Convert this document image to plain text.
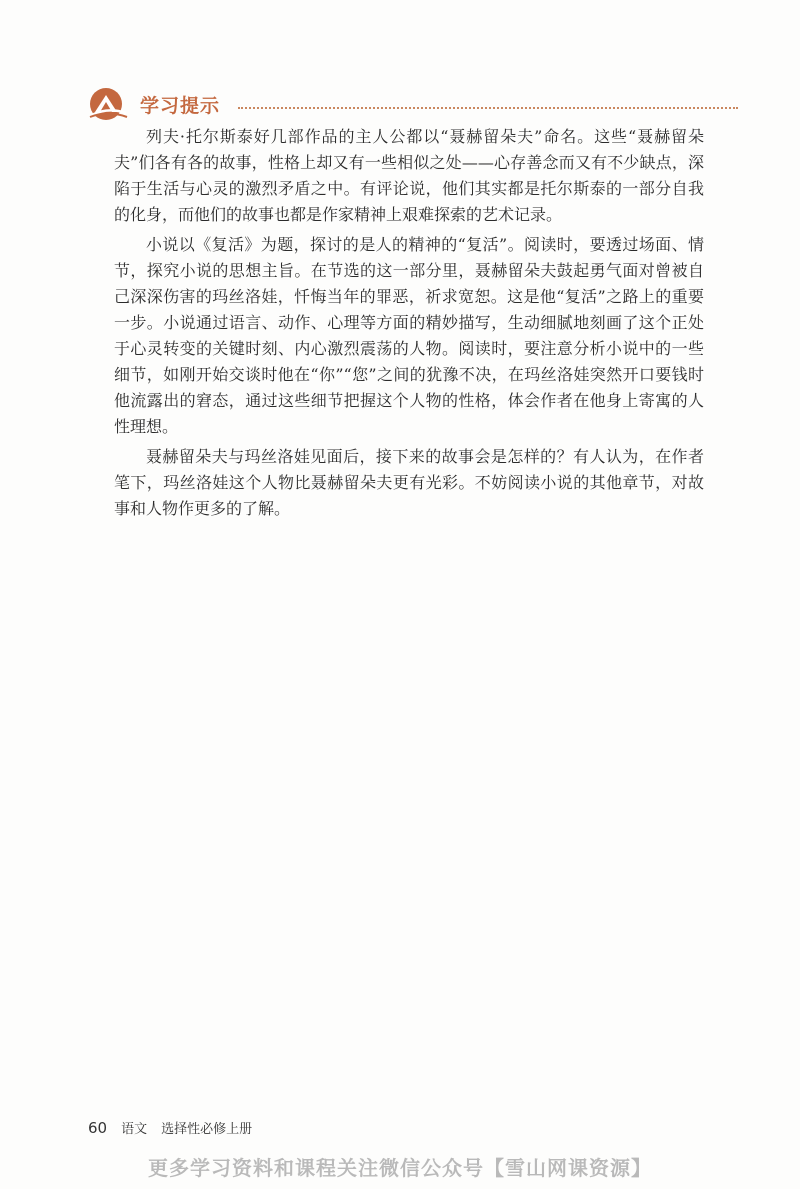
学习提示

列夫·托尔斯泰好几部作品的主人公都以“聂赫留朵夫”命名。这些“聂赫留朵夫”们各有各的故事，性格上却又有一些相似之处——心存善念而又有不少缺点，深陷于生活与心灵的激烈矛盾之中。有评论说，他们其实都是托尔斯泰的一部分自我的化身，而他们的故事也都是作家精神上艰难探索的艺术记录。

小说以《复活》为题，探讨的是人的精神的“复活”。阅读时，要透过场面、情节，探究小说的思想主旨。在节选的这一部分里，聂赫留朵夫鼓起勇气面对曾被自己深深伤害的玛丝洛娃，忏悔当年的罪恶，祈求宽恕。这是他“复活”之路上的重要一步。小说通过语言、动作、心理等方面的精妙描写，生动细腻地刻画了这个正处于心灵转变的关键时刻、内心激烈震荡的人物。阅读时，要注意分析小说中的一些细节，如刚开始交谈时他在“你”“您”之间的犹豫不决，在玛丝洛娃突然开口要钱时他流露出的窘态，通过这些细节把握这个人物的性格，体会作者在他身上寄寓的人性理想。

聂赫留朵夫与玛丝洛娃见面后，接下来的故事会是怎样的？有人认为，在作者笔下，玛丝洛娃这个人物比聂赫留朵夫更有光彩。不妨阅读小说的其他章节，对故事和人物作更多的了解。

60 语文 选择性必修上册
更多学习资料和课程关注微信公众号【雪山网课资源】
